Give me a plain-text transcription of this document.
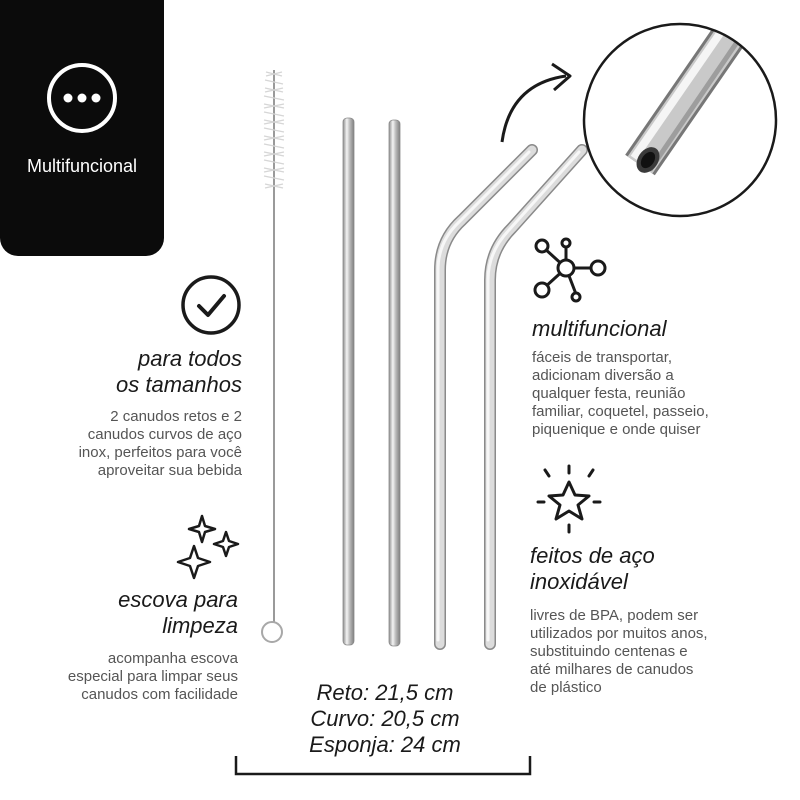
Multifuncional
para todos
os tamanhos
2 canudos retos e 2
canudos curvos de aço
inox, perfeitos para você
aproveitar sua bebida
escova para
limpeza
acompanha escova
especial para limpar seus
canudos com facilidade
multifuncional
fáceis de transportar,
adicionam diversão a
qualquer festa, reunião
familiar, coquetel, passeio,
piquenique e onde quiser
feitos de aço
inoxidável
livres de BPA, podem ser
utilizados por muitos anos,
substituindo centenas e
até milhares de canudos
de plástico
Reto: 21,5 cm
Curvo: 20,5 cm
Esponja: 24 cm
